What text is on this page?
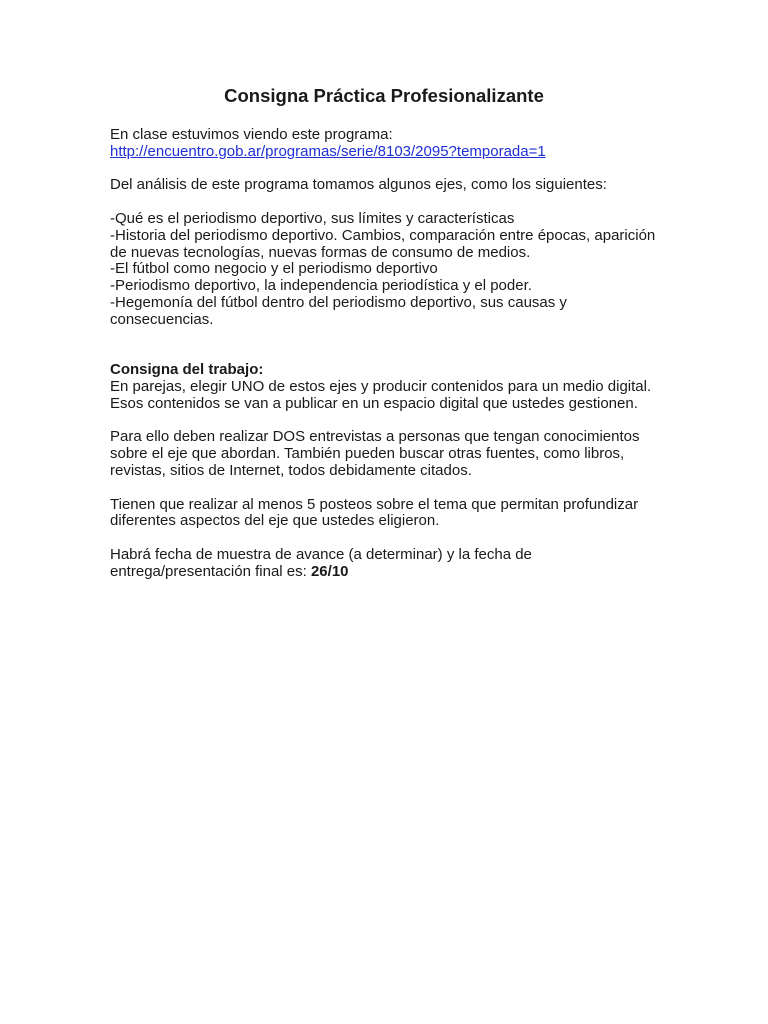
Consigna Práctica Profesionalizante

En clase estuvimos viendo este programa:

http://encuentro.gob.ar/programas/serie/8103/2095?temporada=1

Del análisis de este programa tomamos algunos ejes, como los siguientes:

-Qué es el periodismo deportivo, sus límites y características

-Historia del periodismo deportivo. Cambios, comparación entre épocas, aparición de nuevas tecnologías, nuevas formas de consumo de medios.

-El fútbol como negocio y el periodismo deportivo

-Periodismo deportivo, la independencia periodística y el poder.

-Hegemonía del fútbol dentro del periodismo deportivo, sus causas y consecuencias.

Consigna del trabajo:

En parejas, elegir UNO de estos ejes y producir contenidos para un medio digital. Esos contenidos se van a publicar en un espacio digital que ustedes gestionen.

Para ello deben realizar DOS entrevistas a personas que tengan conocimientos sobre el eje que abordan. También pueden buscar otras fuentes, como libros, revistas, sitios de Internet, todos debidamente citados.

Tienen que realizar al menos 5 posteos sobre el tema que permitan profundizar diferentes aspectos del eje que ustedes eligieron.

Habrá fecha de muestra de avance (a determinar) y la fecha de entrega/presentación final es: 26/10
